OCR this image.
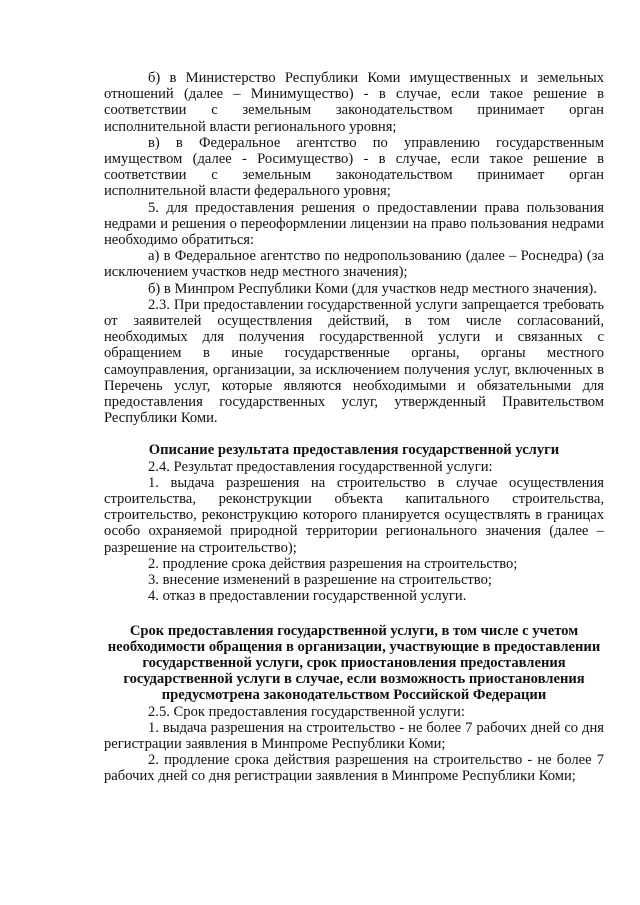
б) в Министерство Республики Коми имущественных и земельных отношений (далее – Минимущество) - в случае, если такое решение в соответствии с земельным законодательством принимает орган исполнительной власти регионального уровня;

в) в Федеральное агентство по управлению государственным имуществом (далее - Росимущество) - в случае, если такое решение в соответствии с земельным законодательством принимает орган исполнительной власти федерального уровня;

5. для предоставления решения о предоставлении права пользования недрами и решения о переоформлении лицензии на право пользования недрами необходимо обратиться:

а) в Федеральное агентство по недропользованию (далее – Роснедра) (за исключением участков недр местного значения);

б) в Минпром Республики Коми (для участков недр местного значения).

2.3. При предоставлении государственной услуги запрещается требовать от заявителей осуществления действий, в том числе согласований, необходимых для получения государственной услуги и связанных с обращением в иные государственные органы, органы местного самоуправления, организации, за исключением получения услуг, включенных в Перечень услуг, которые являются необходимыми и обязательными для предоставления государственных услуг, утвержденный Правительством Республики Коми.

Описание результата предоставления государственной услуги

2.4. Результат предоставления государственной услуги:

1. выдача разрешения на строительство в случае осуществления строительства, реконструкции объекта капитального строительства, строительство, реконструкцию которого планируется осуществлять в границах особо охраняемой природной территории регионального значения (далее – разрешение на строительство);

2. продление срока действия разрешения на строительство;

3. внесение изменений в разрешение на строительство;

4. отказ в предоставлении государственной услуги.

Срок предоставления государственной услуги, в том числе с учетом необходимости обращения в организации, участвующие в предоставлении государственной услуги, срок приостановления предоставления государственной услуги в случае, если возможность приостановления предусмотрена законодательством Российской Федерации

2.5. Срок предоставления государственной услуги:

1. выдача разрешения на строительство - не более 7 рабочих дней со дня регистрации заявления в Минпроме Республики Коми;

2. продление срока действия разрешения на строительство - не более 7 рабочих дней со дня регистрации заявления в Минпроме Республики Коми;
